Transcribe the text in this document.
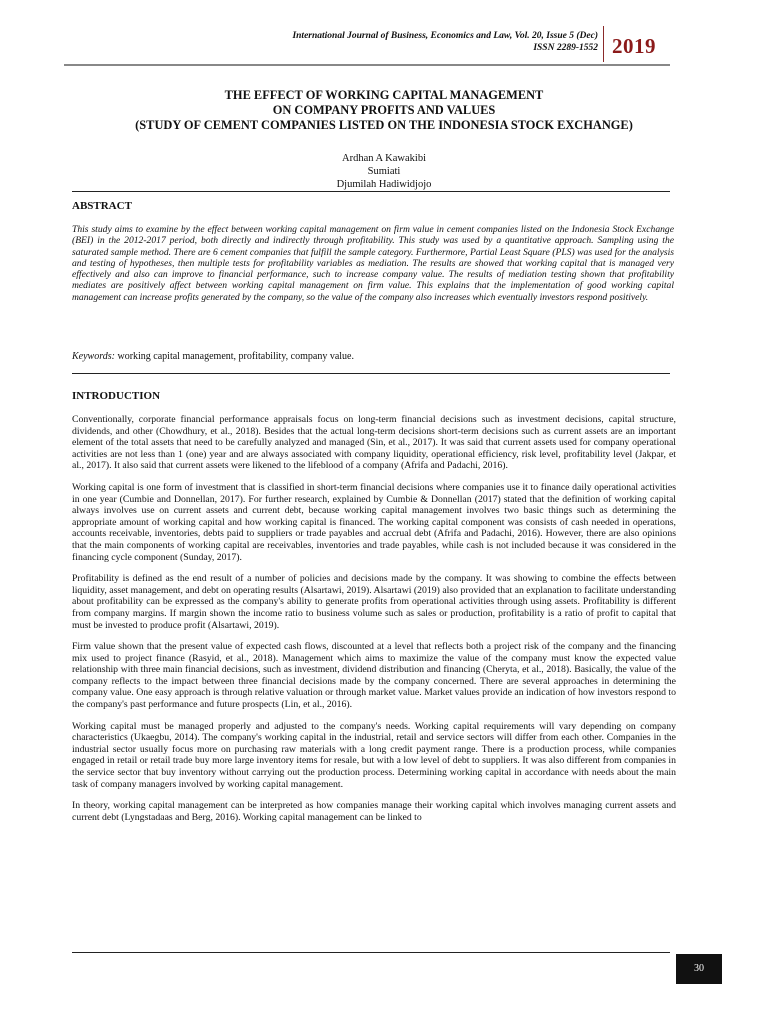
International Journal of Business, Economics and Law, Vol. 20, Issue 5 (Dec)
ISSN 2289-1552 2019
THE EFFECT OF WORKING CAPITAL MANAGEMENT
ON COMPANY PROFITS AND VALUES
(STUDY OF CEMENT COMPANIES LISTED ON THE INDONESIA STOCK EXCHANGE)
Ardhan A Kawakibi
Sumiati
Djumilah Hadiwidjojo
ABSTRACT
This study aims to examine by the effect between working capital management on firm value in cement companies listed on the Indonesia Stock Exchange (BEI) in the 2012-2017 period, both directly and indirectly through profitability. This study was used by a quantitative approach. Sampling using the saturated sample method. There are 6 cement companies that fulfill the sample category. Furthermore, Partial Least Square (PLS) was used for the analysis and testing of hypotheses, then multiple tests for profitability variables as mediation. The results are showed that working capital that is managed very effectively and also can improve to financial performance, such to increase company value. The results of mediation testing shown that profitability mediates are positively affect between working capital management on firm value. This explains that the implementation of good working capital management can increase profits generated by the company, so the value of the company also increases which eventually investors respond positively.
Keywords: working capital management, profitability, company value.
INTRODUCTION

Conventionally, corporate financial performance appraisals focus on long-term financial decisions such as investment decisions, capital structure, dividends, and other (Chowdhury, et al., 2018). Besides that the actual long-term decisions short-term decisions such as current assets are an important element of the total assets that need to be carefully analyzed and managed (Sin, et al., 2017). It was said that current assets used for company operational activities are not less than 1 (one) year and are always associated with company liquidity, operational efficiency, risk level, profitability level (Jakpar, et al., 2017). It also said that current assets were likened to the lifeblood of a company (Afrifa and Padachi, 2016).

Working capital is one form of investment that is classified in short-term financial decisions where companies use it to finance daily operational activities in one year (Cumbie and Donnellan, 2017). For further research, explained by Cumbie & Donnellan (2017) stated that the definition of working capital always involves use on current assets and current debt, because working capital management involves two basic things such as determining the appropriate amount of working capital and how working capital is financed. The working capital component was consists of cash needed in operations, accounts receivable, inventories, debts paid to suppliers or trade payables and accrual debt (Afrifa and Padachi, 2016). However, there are also opinions that the main components of working capital are receivables, inventories and trade payables, while cash is not included because it was considered in the financing cycle component (Sunday, 2017).

Profitability is defined as the end result of a number of policies and decisions made by the company. It was showing to combine the effects between liquidity, asset management, and debt on operating results (Alsartawi, 2019). Alsartawi (2019) also provided that an explanation to facilitate understanding about profitability can be expressed as the company's ability to generate profits from operational activities through using assets. Profitability is different from company margins. If margin shown the income ratio to business volume such as sales or production, profitability is a ratio of profit to capital that must be invested to produce profit (Alsartawi, 2019).

Firm value shown that the present value of expected cash flows, discounted at a level that reflects both a project risk of the company and the financing mix used to project finance (Rasyid, et al., 2018). Management which aims to maximize the value of the company must know the expected value relationship with three main financial decisions, such as investment, dividend distribution and financing (Cheryta, et al., 2018). Basically, the value of the company reflects to the impact between three financial decisions made by the company concerned. There are several approaches in determining the company value. One easy approach is through relative valuation or through market value. Market values provide an indication of how investors respond to the company's past performance and future prospects (Lin, et al., 2016).

Working capital must be managed properly and adjusted to the company's needs. Working capital requirements will vary depending on company characteristics (Ukaegbu, 2014). The company's working capital in the industrial, retail and service sectors will differ from each other. Companies in the industrial sector usually focus more on purchasing raw materials with a long credit payment range. There is a production process, while companies engaged in retail or retail trade buy more large inventory items for resale, but with a low level of debt to suppliers. It was also different from companies in the service sector that buy inventory without carrying out the production process. Determining working capital in accordance with needs about the main task of company managers involved by working capital management.

In theory, working capital management can be interpreted as how companies manage their working capital which involves managing current assets and current debt (Lyngstadaas and Berg, 2016). Working capital management can be linked to

30
